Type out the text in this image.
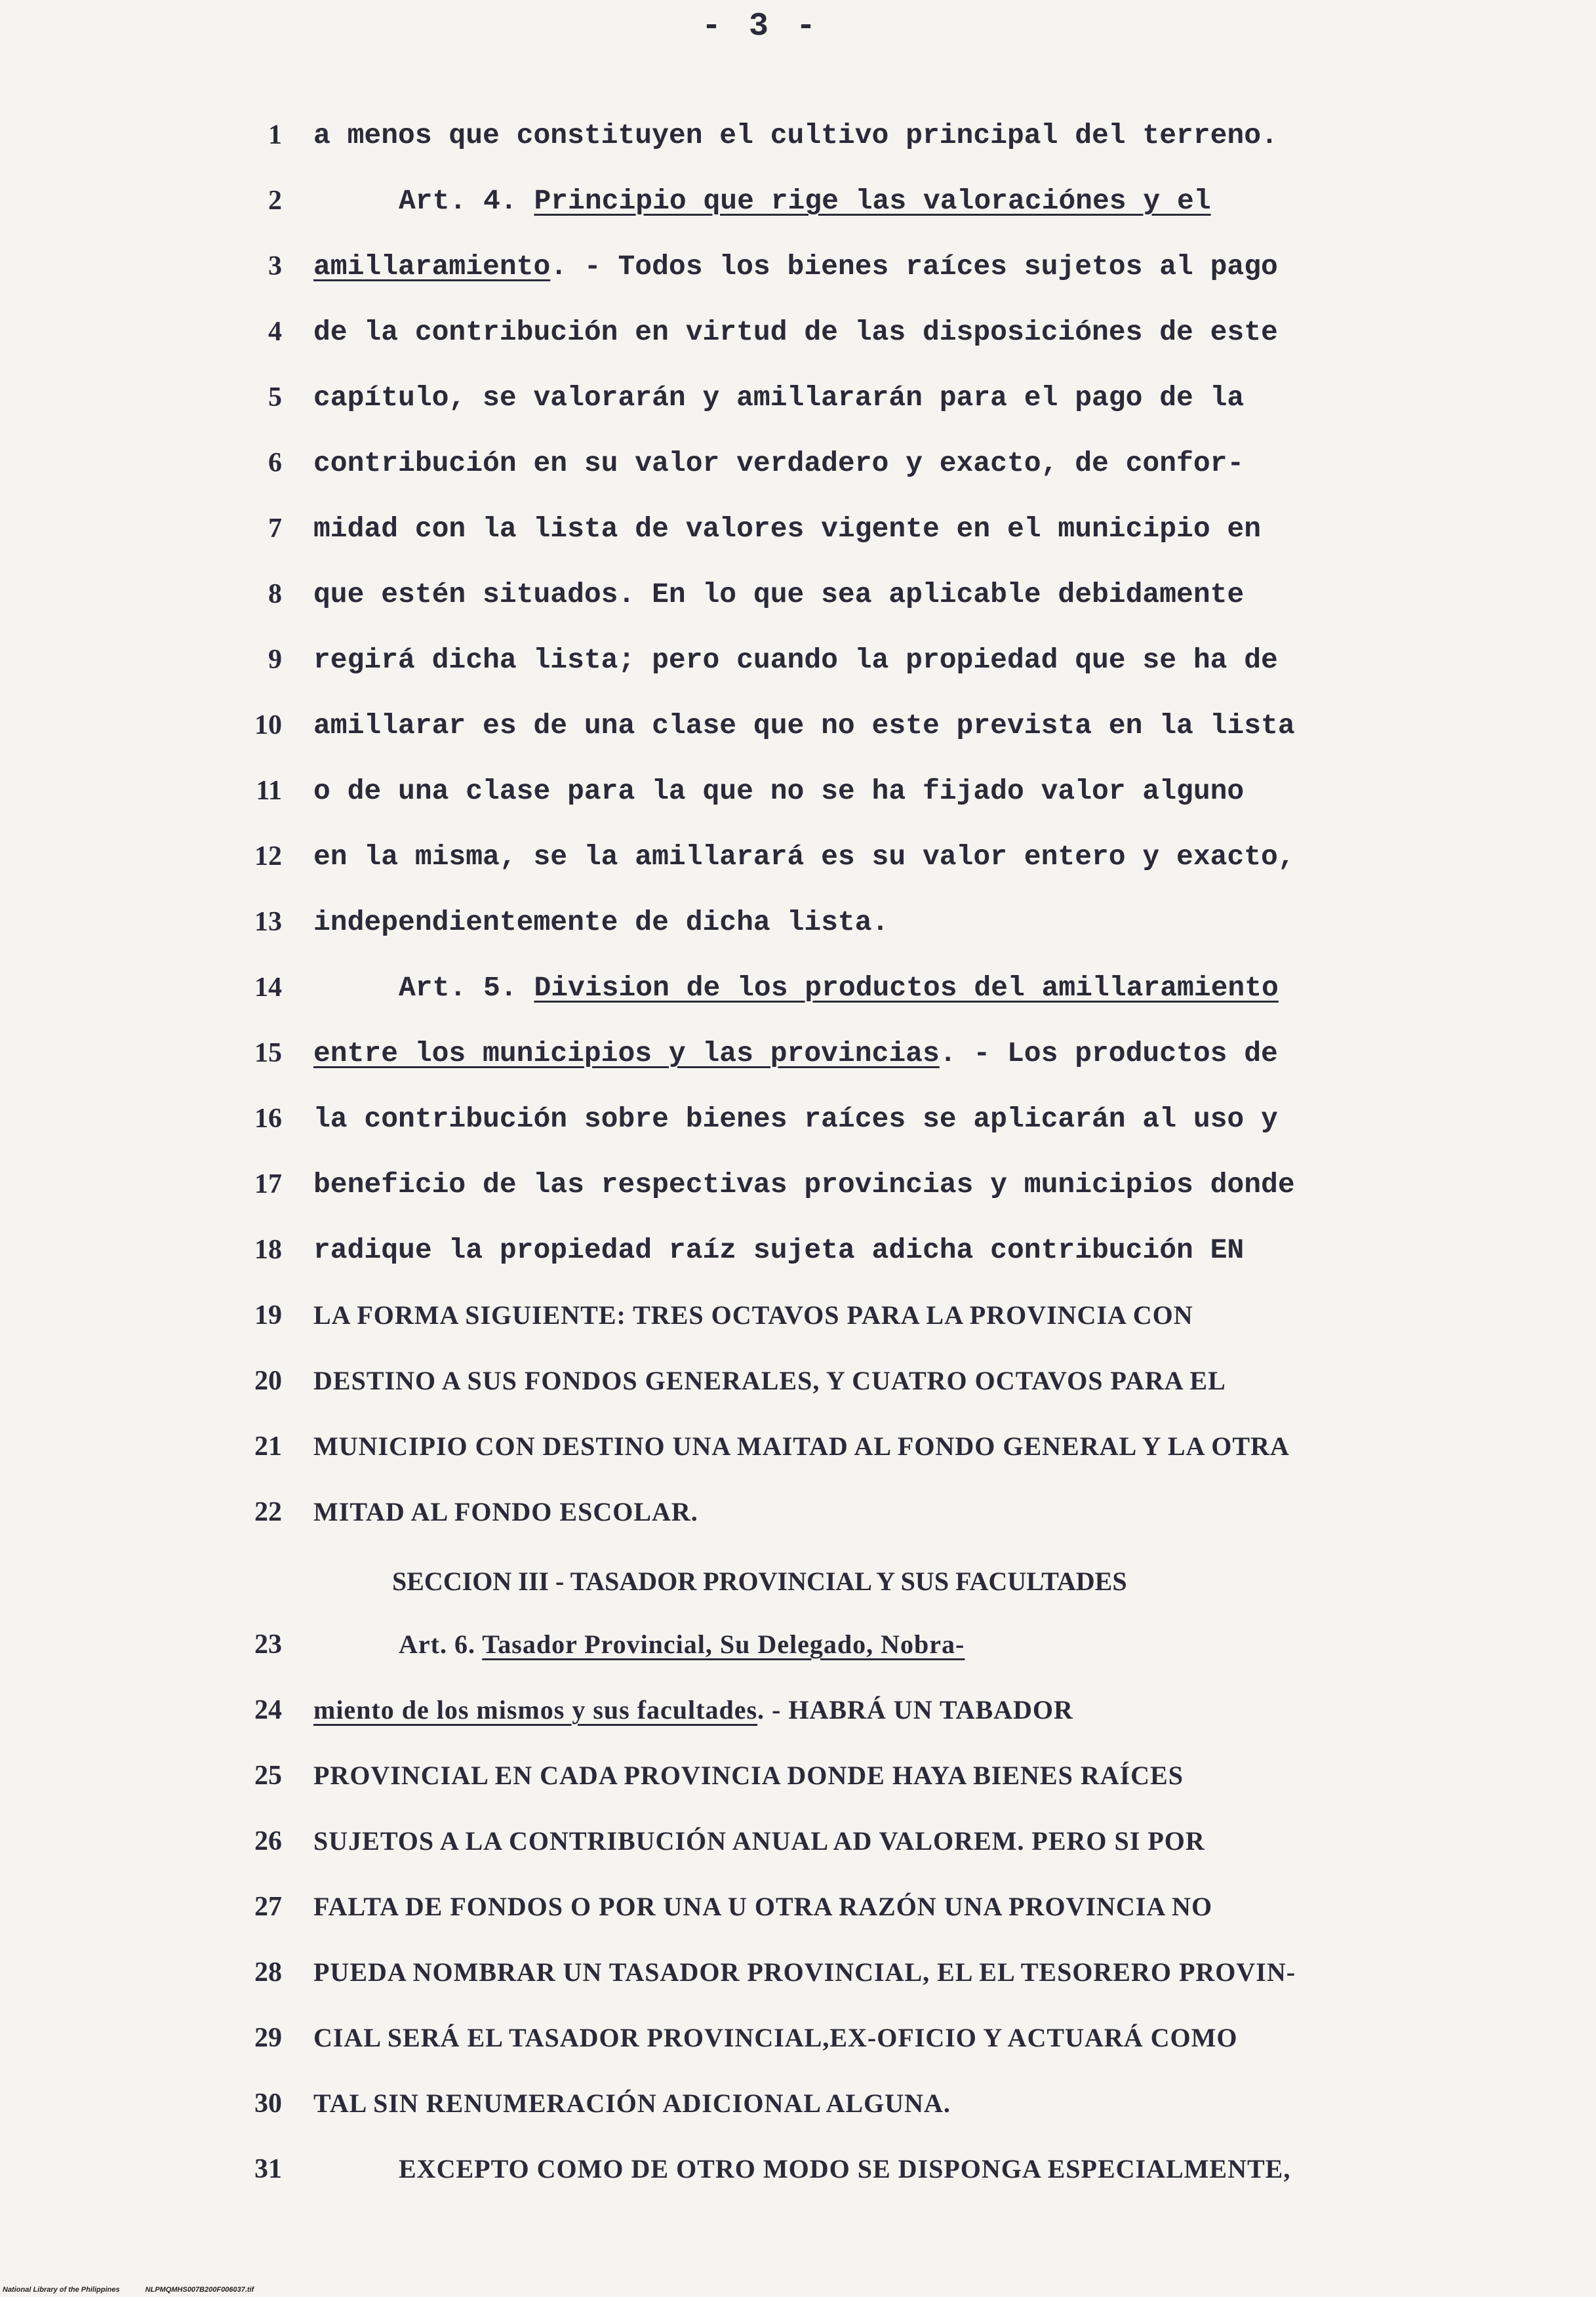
- 3 -
1 a menos que constituyen el cultivo principal del terreno.
2	Art. 4. Principio que rige las valoraciónes y el
3 amillaramiento. - Todos los bienes raíces sujetos al pago
4 de la contribución en virtud de las disposiciónes de este
5 capítulo, se valorarán y amillararán para el pago de la
6 contribución en su valor verdadero y exacto, de confor-
7 midad con la lista de valores vigente en el municipio en
8 que estén situados. En lo que sea aplicable debidamente
9 regirá dicha lista; pero cuando la propiedad que se ha de
10 amillarar es de una clase que no este prevista en la lista
11 o de una clase para la que no se ha fijado valor alguno
12 en la misma, se la amillarará es su valor entero y exacto,
13 independientemente de dicha lista.
14	Art. 5. Division de los productos del amillaramiento
15 entre los municipios y las provincias. - Los productos de
16 la contribución sobre bienes raíces se aplicarán al uso y
17 beneficio de las respectivas provincias y municipios donde
18 radique la propiedad raíz sujeta adicha contribución EN
19 LA FORMA SIGUIENTE: TRES OCTAVOS PARA LA PROVINCIA CON
20 DESTINO A SUS FONDOS GENERALES, Y CUATRO OCTAVOS PARA EL
21 MUNICIPIO CON DESTINO UNA MAITAD AL FONDO GENERAL Y LA OTRA
22 MITAD AL FONDO ESCOLAR.
23	Art. 6. Tasador Provincial, Su Delegado, Nobra-
24 miento de los mismos y sus facultades. - HABRÁ UN TABADOR
25 PROVINCIAL EN CADA PROVINCIA DONDE HAYA BIENES RAÍCES
26 SUJETOS A LA CONTRIBUCIÓN ANUAL AD VALOREM. PERO SI POR
27 FALTA DE FONDOS O POR UNA U OTRA RAZÓN UNA PROVINCIA NO
28 PUEDA NOMBRAR UN TASADOR PROVINCIAL, EL EL TESORERO PROVIN-
29 CIAL SERÁ EL TASADOR PROVINCIAL,EX-OFICIO Y ACTUARÁ COMO
30 TAL SIN RENUMERACIÓN ADICIONAL ALGUNA.
31	EXCEPTO COMO DE OTRO MODO SE DISPONGA ESPECIALMENTE,
SECCION III - TASADOR PROVINCIAL Y SUS FACULTADES
National Library of the Philippines	NLPMQMHS007B200F006037.tif
